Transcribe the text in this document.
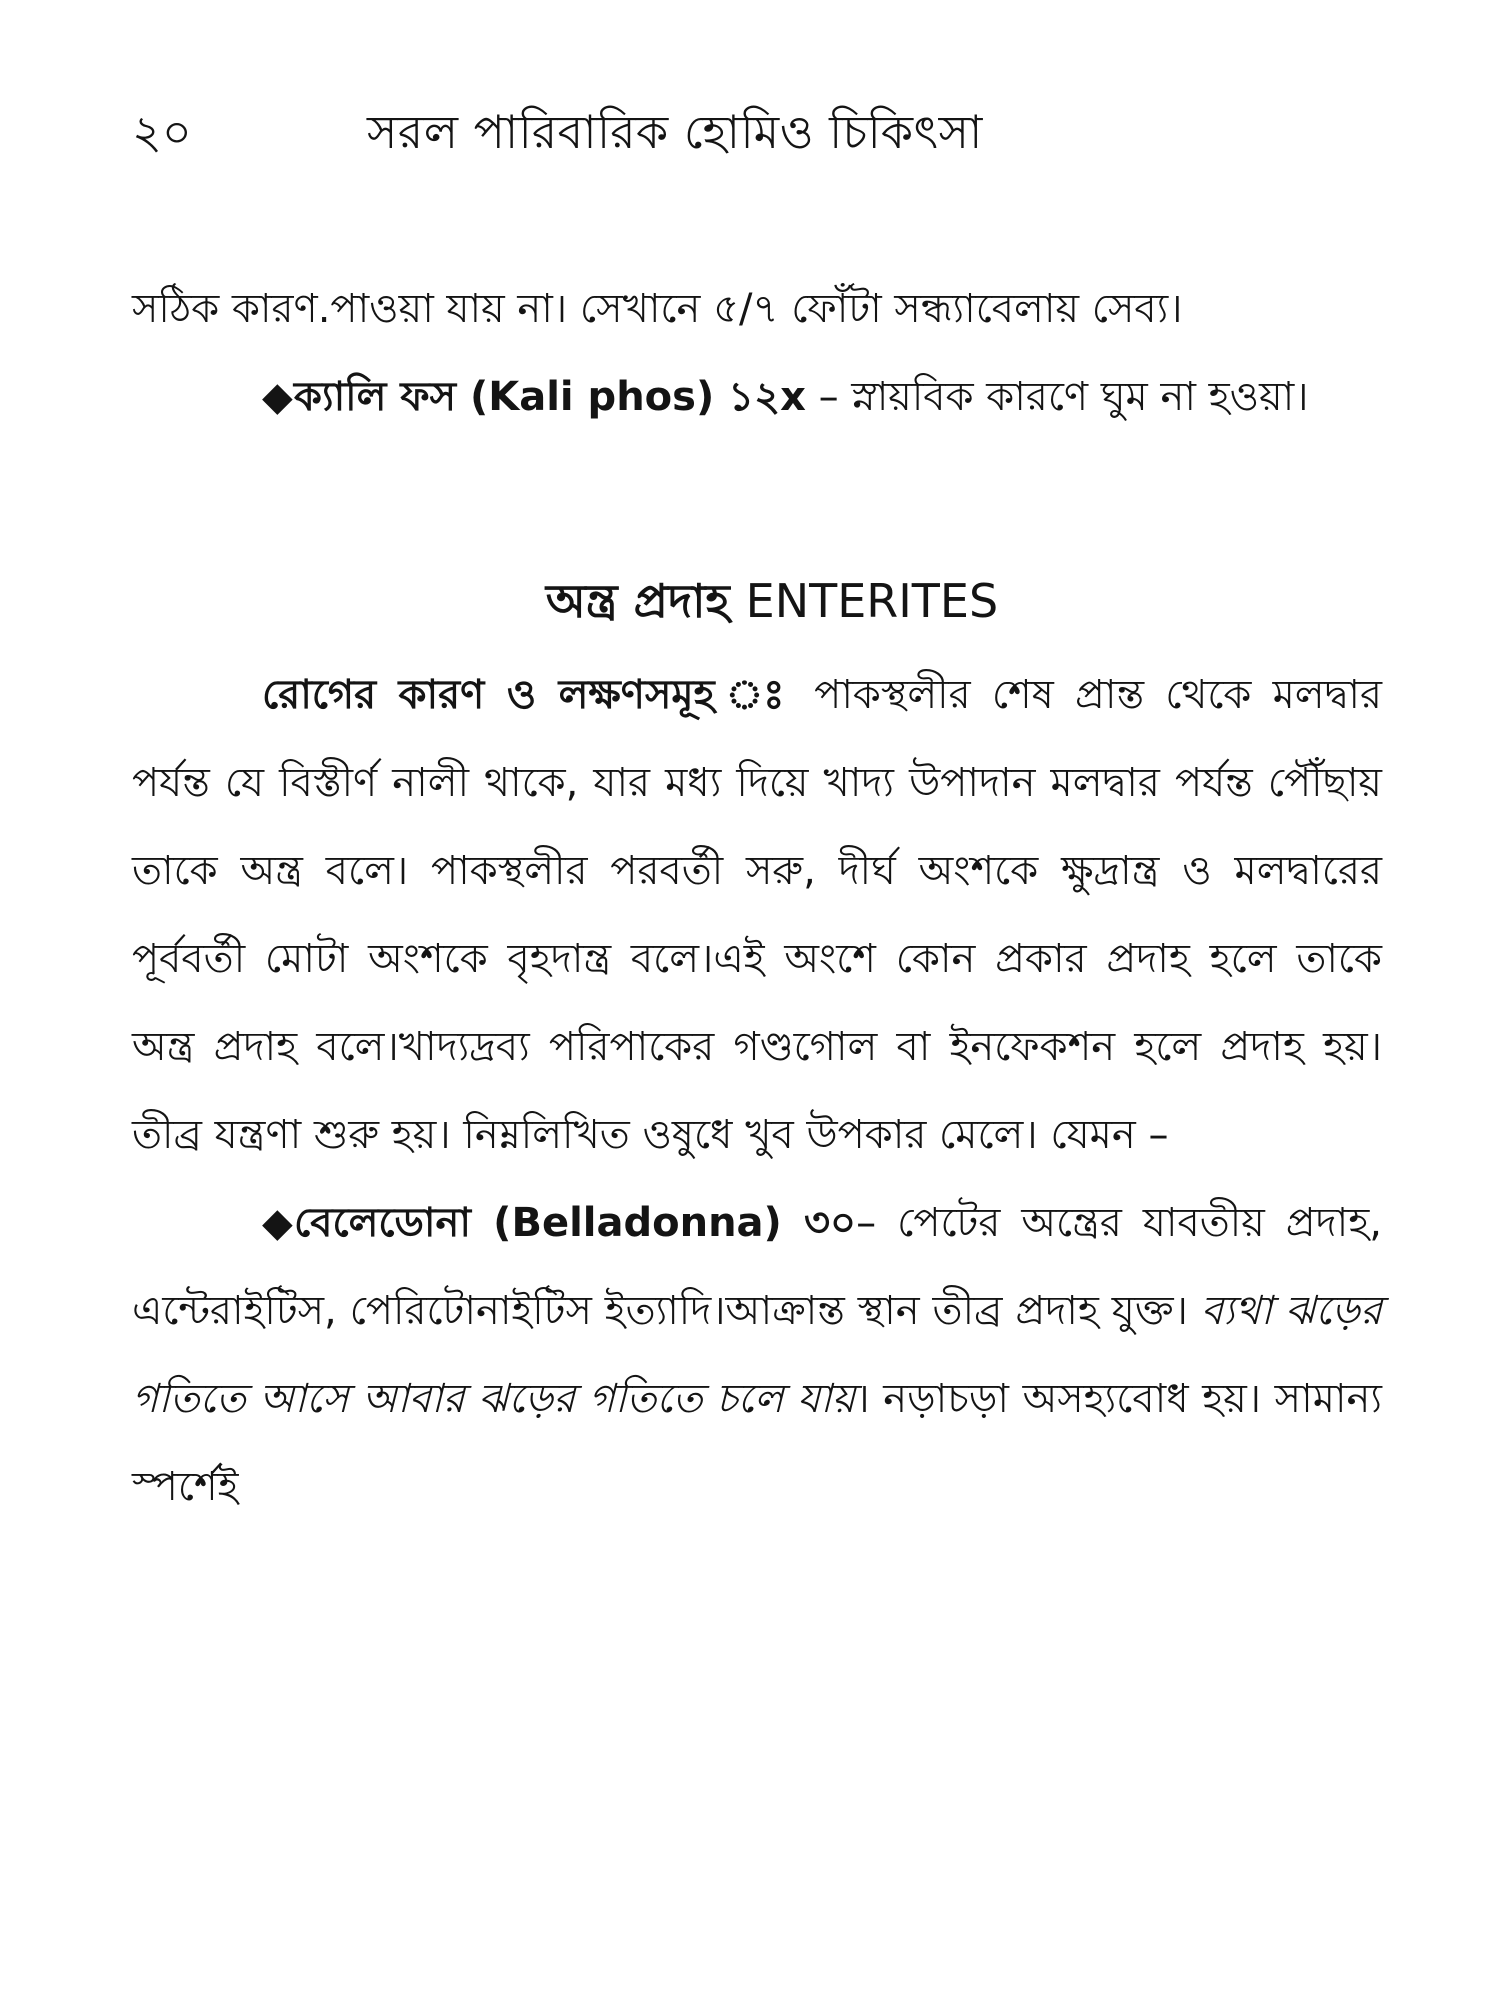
২০	সরল পারিবারিক হোমিও চিকিৎসা

সঠিক কারণ.পাওয়া যায় না। সেখানে ৫/৭ ফোঁটা সন্ধ্যাবেলায় সেব্য।

◆ক্যালি ফস (Kali phos) ১২x – স্নায়বিক কারণে ঘুম না হওয়া।

অন্ত্র প্রদাহ ENTERITES

রোগের কারণ ও লক্ষণসমূহ ঃ পাকস্থলীর শেষ প্রান্ত থেকে মলদ্বার পর্যন্ত যে বিস্তীর্ণ নালী থাকে, যার মধ্য দিয়ে খাদ্য উপাদান মলদ্বার পর্যন্ত পৌঁছায় তাকে অন্ত্র বলে। পাকস্থলীর পরবর্তী সরু, দীর্ঘ অংশকে ক্ষুদ্রান্ত্র ও মলদ্বারের পূর্ববর্তী মোটা অংশকে বৃহদান্ত্র বলে।এই অংশে কোন প্রকার প্রদাহ হলে তাকে অন্ত্র প্রদাহ বলে।খাদ্যদ্রব্য পরিপাকের গণ্ডগোল বা ইনফেকশন হলে প্রদাহ হয়। তীব্র যন্ত্রণা শুরু হয়। নিম্নলিখিত ওষুধে খুব উপকার মেলে। যেমন –

◆বেলেডোনা (Belladonna) ৩০– পেটের অন্ত্রের যাবতীয় প্রদাহ, এন্টেরাইটিস, পেরিটোনাইটিস ইত্যাদি।আক্রান্ত স্থান তীব্র প্রদাহ যুক্ত। ব্যথা ঝড়ের গতিতে আসে আবার ঝড়ের গতিতে চলে যায়। নড়াচড়া অসহ্যবোধ হয়। সামান্য স্পর্শেই
